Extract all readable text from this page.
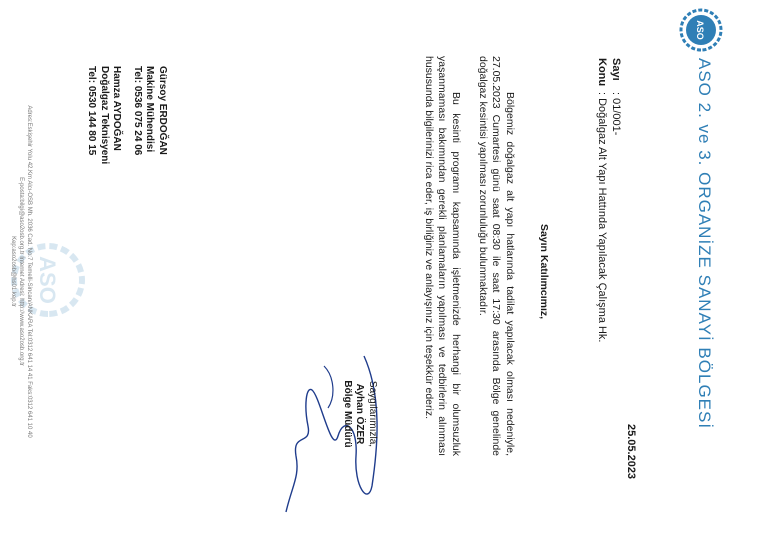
ASO
ASO 2. ve 3. ORGANİZE SANAYİ BÖLGESİ
25.05.2023
Sayı: 01/001-
Konu: Doğalgaz Alt Yapı Hattında Yapılacak Çalışma Hk.
Sayın Katılımcımız,
Bölgemiz doğalgaz alt yapı hatlarında tadilat yapılacak olması nedeniyle, 27.05.2023 Cumartesi günü saat 08:30 ile saat 17:30 arasında Bölge genelinde doğalgaz kesintisi yapılması zorunluluğu bulunmaktadır.
Bu kesinti programı kapsamında işletmenizde herhangi bir olumsuzluk yaşanmaması bakımından gerekli planlamaların yapılması ve tedbirlerin alınması hususunda bilgilerinizi rica eder, iş birliğiniz ve anlayışınız için teşekkür ederiz.
Saygılarımızla,
Ayhan ÖZER
Bölge Müdürü
Gürsoy ERDOĞAN
Makine Mühendisi
Tel: 0536 075 24 06
Hamza AYDOĞAN
Doğalgaz Teknisyeni
Tel: 0530 144 80 15
ASO
Adres:Eskişehir Yolu 42.Km Alcı-OSB Mh. 2036 Cad. No:7 Temelli-Sincan/ANKARA Tel:0312 641 14 41 Faks:0312 641 10 40
E-posta:bilgi@aso2osb.org.tr İnternet Adresi: http://www.aso2osb.org.tr
Kep:aso2osb@hs01.kep.tr
